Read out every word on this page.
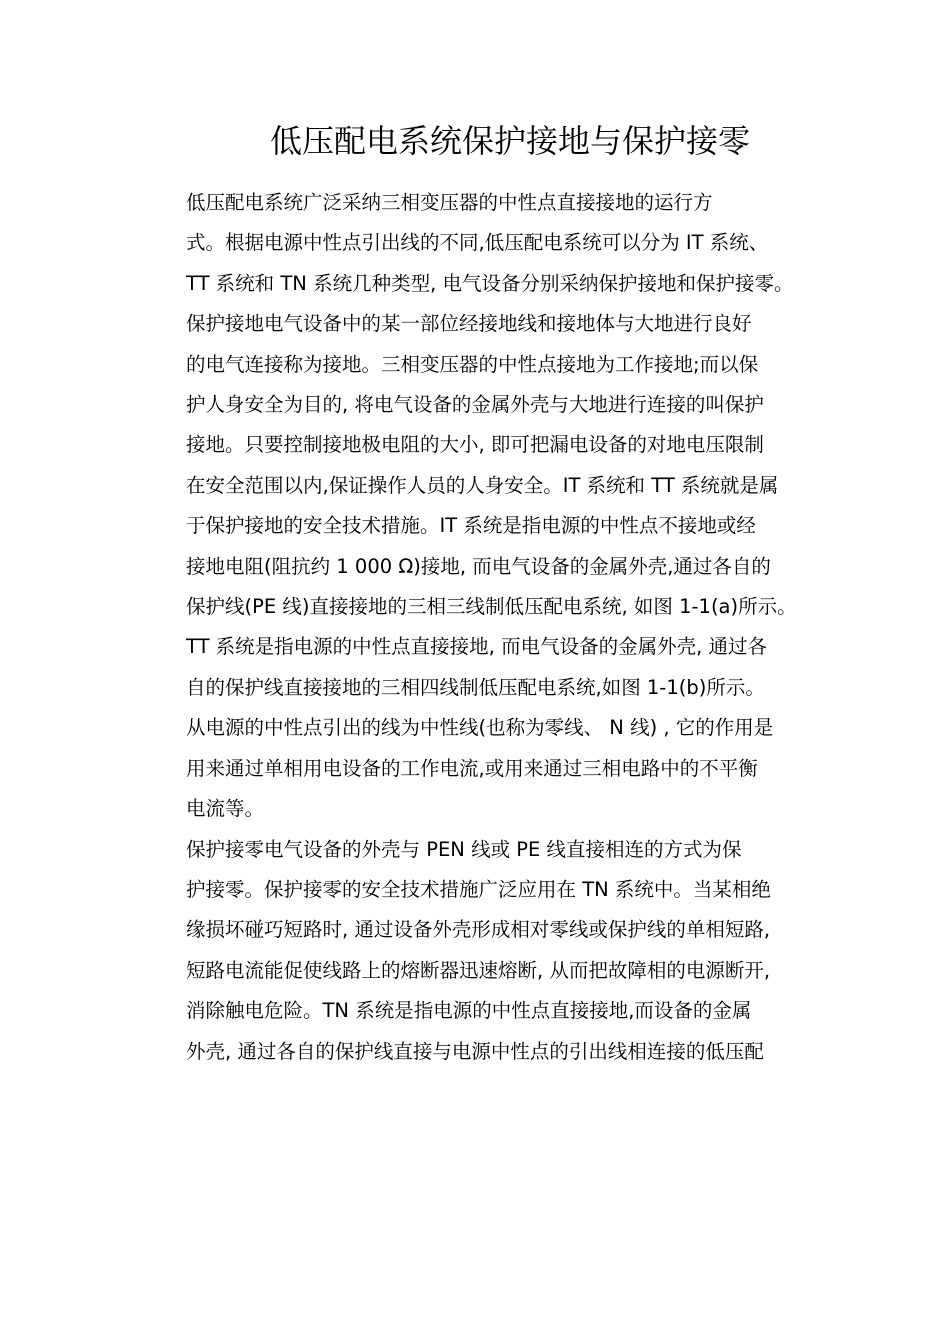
低压配电系统保护接地与保护接零

低压配电系统广泛采纳三相变压器的中性点直接接地的运行方
式。根据电源中性点引出线的不同,低压配电系统可以分为 IT 系统、
TT 系统和 TN 系统几种类型, 电气设备分别采纳保护接地和保护接零。
保护接地电气设备中的某一部位经接地线和接地体与大地进行良好
的电气连接称为接地。三相变压器的中性点接地为工作接地;而以保
护人身安全为目的, 将电气设备的金属外壳与大地进行连接的叫保护
接地。只要控制接地极电阻的大小, 即可把漏电设备的对地电压限制
在安全范围以内,保证操作人员的人身安全。IT 系统和 TT 系统就是属
于保护接地的安全技术措施。IT 系统是指电源的中性点不接地或经
接地电阻(阻抗约 1 000 Ω)接地, 而电气设备的金属外壳,通过各自的
保护线(PE 线)直接接地的三相三线制低压配电系统, 如图 1-1(a)所示。
TT 系统是指电源的中性点直接接地, 而电气设备的金属外壳, 通过各
自的保护线直接接地的三相四线制低压配电系统,如图 1-1(b)所示。
从电源的中性点引出的线为中性线(也称为零线、 N 线) , 它的作用是
用来通过单相用电设备的工作电流,或用来通过三相电路中的不平衡
电流等。

保护接零电气设备的外壳与 PEN 线或 PE 线直接相连的方式为保
护接零。保护接零的安全技术措施广泛应用在 TN 系统中。当某相绝
缘损坏碰巧短路时, 通过设备外壳形成相对零线或保护线的单相短路,
短路电流能促使线路上的熔断器迅速熔断, 从而把故障相的电源断开,
消除触电危险。TN 系统是指电源的中性点直接接地,而设备的金属
外壳, 通过各自的保护线直接与电源中性点的引出线相连接的低压配
